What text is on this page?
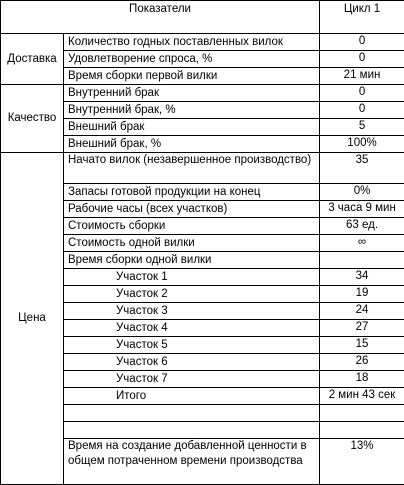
Показатели		Цикл 1
Доставка	Количество годных поставленных вилок	0
	Удовлетворение спроса, %	0
	Время сборки первой вилки	21 мин
Качество	Внутренний брак	0
	Внутренний брак, %	0
	Внешний брак	5
	Внешний брак, %	100%
Цена	Начато вилок (незавершенное производство)	35
	Запасы готовой продукции на конец	0%
	Рабочие часы (всех участков)	3 часа 9 мин
	Стоимость сборки	63 ед.
	Стоимость одной вилки	∞
	Время сборки одной вилки	
	Участок 1	34
	Участок 2	19
	Участок 3	24
	Участок 4	27
	Участок 5	15
	Участок 6	26
	Участок 7	18
	Итого	2 мин 43 сек

	Время на создание добавленной ценности в общем потраченном времени производства	13%
